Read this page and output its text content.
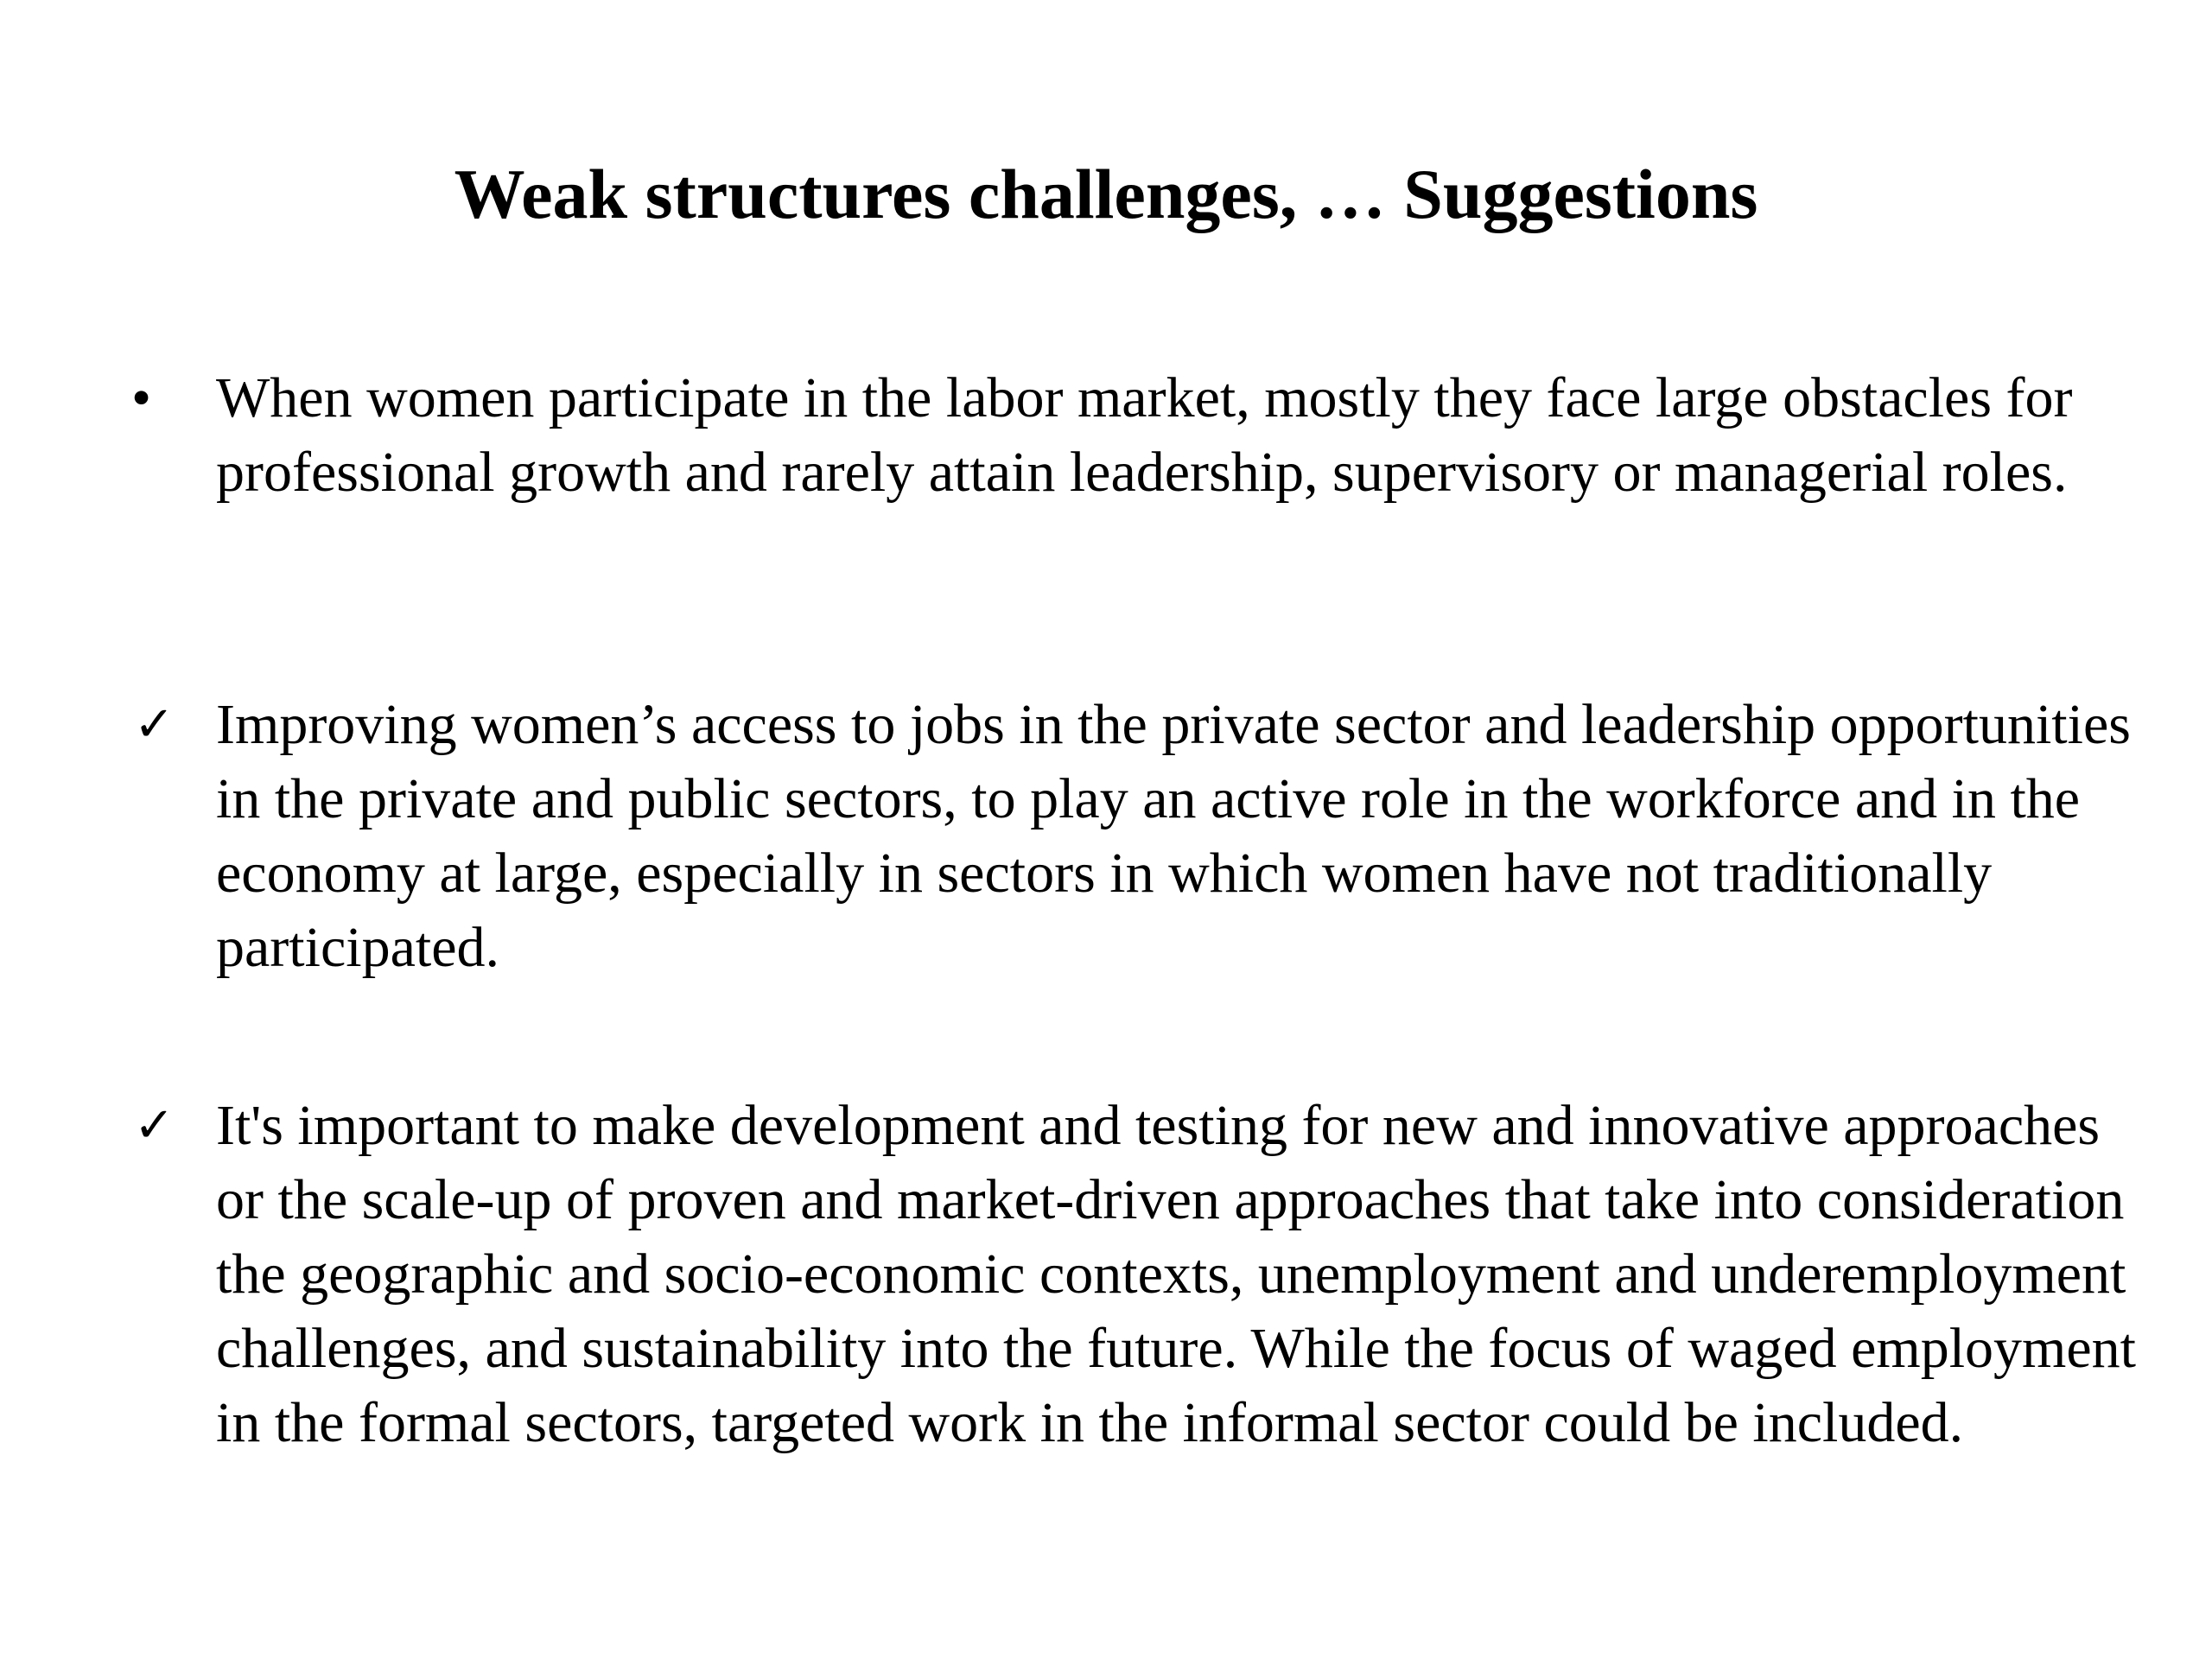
Weak structures challenges, … Suggestions
•	When women participate in the labor market, mostly they face large obstacles for professional growth and rarely attain leadership, supervisory or managerial roles.

✓ Improving women’s access to jobs in the private sector and leadership opportunities in the private and public sectors, to play an active role in the workforce and in the economy at large, especially in sectors in which women have not traditionally participated.

✓ It's important to make development and testing for new and innovative approaches or the scale-up of proven and market-driven approaches that take into consideration the geographic and socio-economic contexts, unemployment and underemployment challenges, and sustainability into the future. While the focus of waged employment in the formal sectors, targeted work in the informal sector could be included.
